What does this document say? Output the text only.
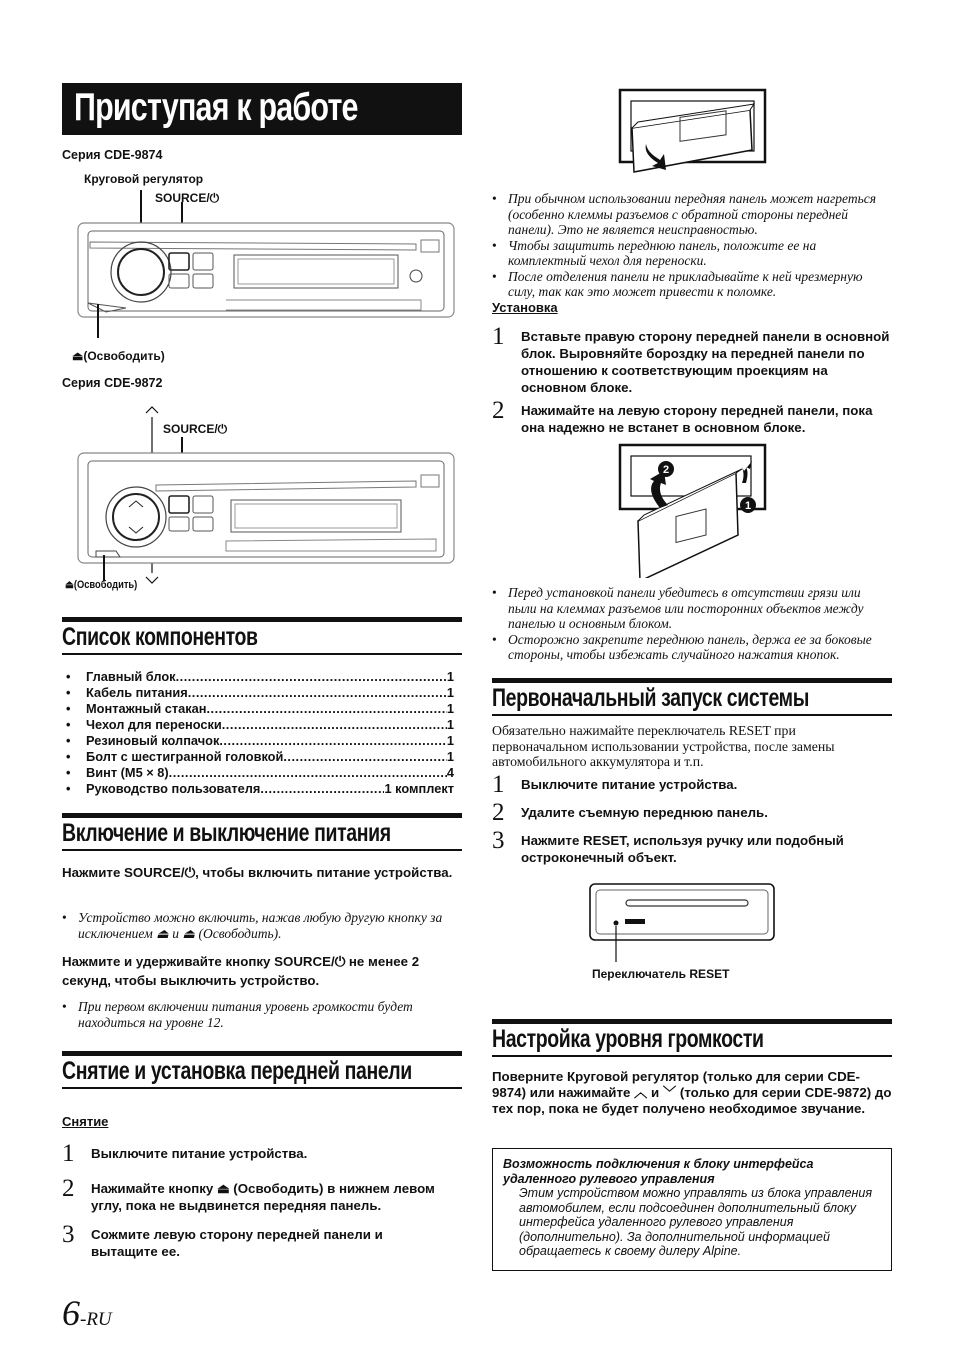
Приступая к работе
Серия CDE-9874
Круговой регулятор
SOURCE/⏻
⏏(Освободить)
Серия CDE-9872
SOURCE/⏻
⏏(Освободить)
Список компонентов
• Главный блок .....	1
• Кабель питания .....	1
• Монтажный стакан .....	1
• Чехол для переноски .....	1
• Резиновый колпачок .....	1
• Болт с шестигранной головкой .....	1
• Винт (M5 × 8) .....	4
• Руководство пользователя .....	1 комплект
Включение и выключение питания
Нажмите SOURCE/⏻, чтобы включить питание устройства.
• Устройство можно включить, нажав любую другую кнопку за исключением ⏏ и ⏏ (Освободить).
Нажмите и удерживайте кнопку SOURCE/⏻ не менее 2 секунд, чтобы выключить устройство.
• При первом включении питания уровень громкости будет находиться на уровне 12.
Снятие и установка передней панели
Снятие
1	Выключите питание устройства.
2	Нажимайте кнопку ⏏ (Освободить) в нижнем левом углу, пока не выдвинется передняя панель.
3	Сожмите левую сторону передней панели и вытащите ее.
6-RU
• При обычном использовании передняя панель может нагреться (особенно клеммы разъемов с обратной стороны передней панели). Это не является неисправностью.
• Чтобы защитить переднюю панель, положите ее на комплектный чехол для переноски.
• После отделения панели не прикладывайте к ней чрезмерную силу, так как это может привести к поломке.
Установка
1	Вставьте правую сторону передней панели в основной блок. Выровняйте бороздку на передней панели по отношению к соответствующим проекциям на основном блоке.
2	Нажимайте на левую сторону передней панели, пока она надежно не встанет в основном блоке.
2
1
• Перед установкой панели убедитесь в отсутствии грязи или пыли на клеммах разъемов или посторонних объектов между панелью и основным блоком.
• Осторожно закрепите переднюю панель, держа ее за боковые стороны, чтобы избежать случайного нажатия кнопок.
Первоначальный запуск системы
Обязательно нажимайте переключатель RESET при первоначальном использовании устройства, после замены автомобильного аккумулятора и т.п.
1	Выключите питание устройства.
2	Удалите съемную переднюю панель.
3	Нажмите RESET, используя ручку или подобный остроконечный объект.
Переключатель RESET
Настройка уровня громкости
Поверните Круговой регулятор (только для серии CDE-9874) или нажимайте ︿ и ﹀ (только для серии CDE-9872) до тех пор, пока не будет получено необходимое звучание.
Возможность подключения к блоку интерфейса удаленного рулевого управления
Этим устройством можно управлять из блока управления автомобилем, если подсоединен дополнительный блоку интерфейса удаленного рулевого управления (дополнительно). За дополнительной информацией обращаетесь к своему дилеру Alpine.
